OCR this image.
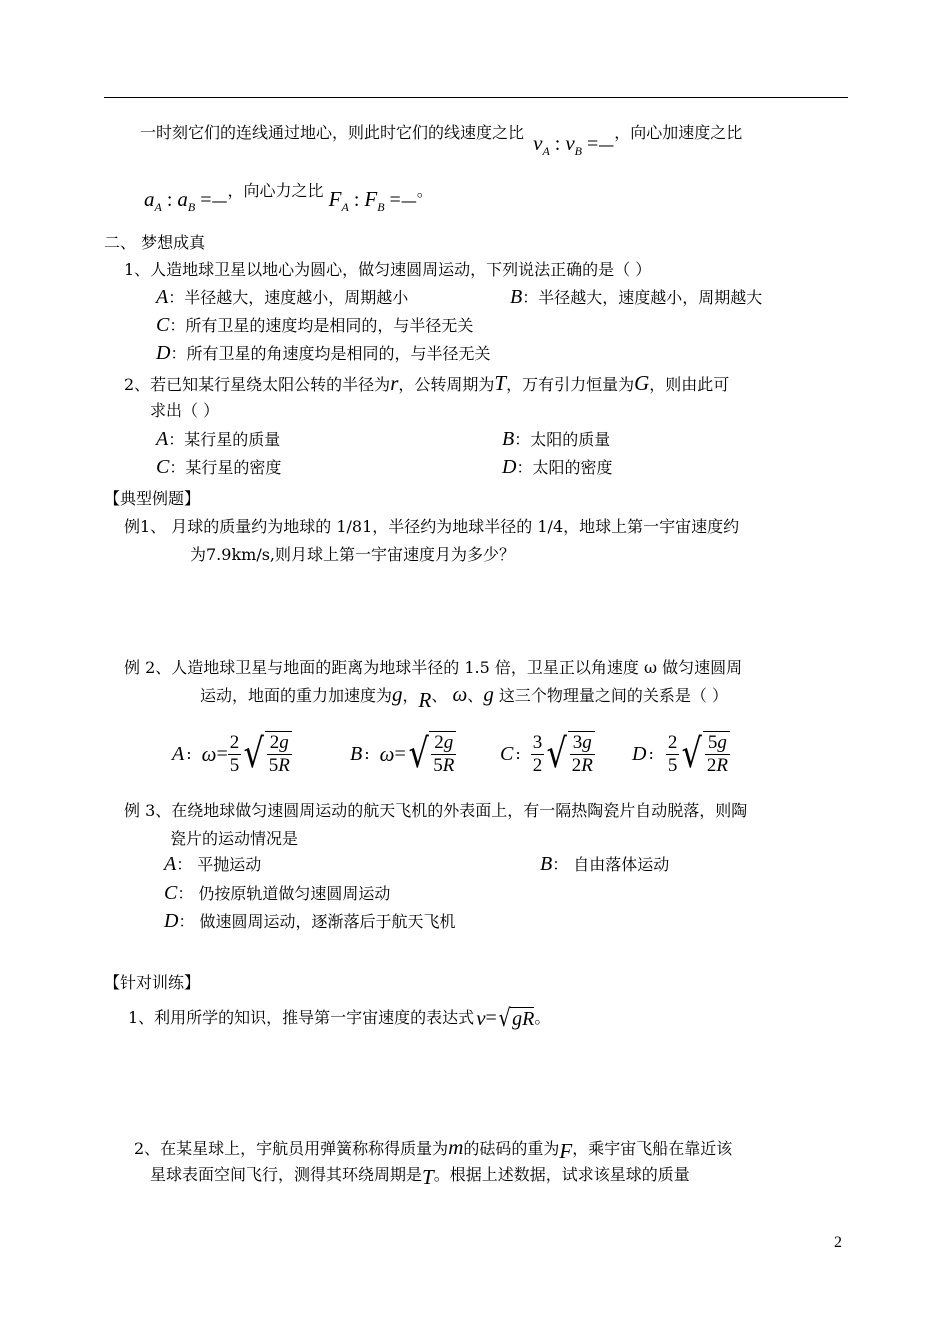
一时刻它们的连线通过地心，则此时它们的线速度之比 $v_A$ : $v_B$ =—，向心加速度之比
$a_A$ : $a_B$ =—，向心力之比 $F_A$ : $F_B$ =—。
二、 梦想成真
1、人造地球卫星以地心为圆心，做匀速圆周运动，下列说法正确的是（ ）
A：半径越大，速度越小，周期越小	B：半径越大，速度越小，周期越大
C：所有卫星的速度均是相同的，与半径无关
D：所有卫星的角速度均是相同的，与半径无关
2、若已知某行星绕太阳公转的半径为r，公转周期为T，万有引力恒量为G，则由此可
求出（ ）
A：某行星的质量	B：太阳的质量
C：某行星的密度	D：太阳的密度
【典型例题】
例1、 月球的质量约为地球的 1/81，半径约为地球半径的 1/4，地球上第一宇宙速度约
为7.9km/s,则月球上第一宇宙速度月为多少？
例 2、人造地球卫星与地面的距离为地球半径的 1.5 倍，卫星正以角速度 ω 做匀速圆周
运动，地面的重力加速度为g，R、 ω、g 这三个物理量之间的关系是（ ）
A : $\omega = \frac{2}{5}$ √ $\frac{2g}{5R}$	B : ω = √ $\frac{2g}{5R}$ C : $\frac{3}{2}$ √ $\frac{3g}{2R}$ D : $\frac{2}{5}$ √ $\frac{5g}{2R}$
例 3、在绕地球做匀速圆周运动的航天飞机的外表面上，有一隔热陶瓷片自动脱落，则陶
瓷片的运动情况是
A： 平抛运动	B： 自由落体运动
C： 仍按原轨道做匀速圆周运动
D： 做速圆周运动，逐渐落后于航天飞机
【针对训练】
1、利用所学的知识，推导第一宇宙速度的表达式 v = √ gR 。
2、在某星球上，宇航员用弹簧称称得质量为m的砝码的重为F，乘宇宙飞船在靠近该
星球表面空间飞行，测得其环绕周期是T。根据上述数据，试求该星球的质量
2
